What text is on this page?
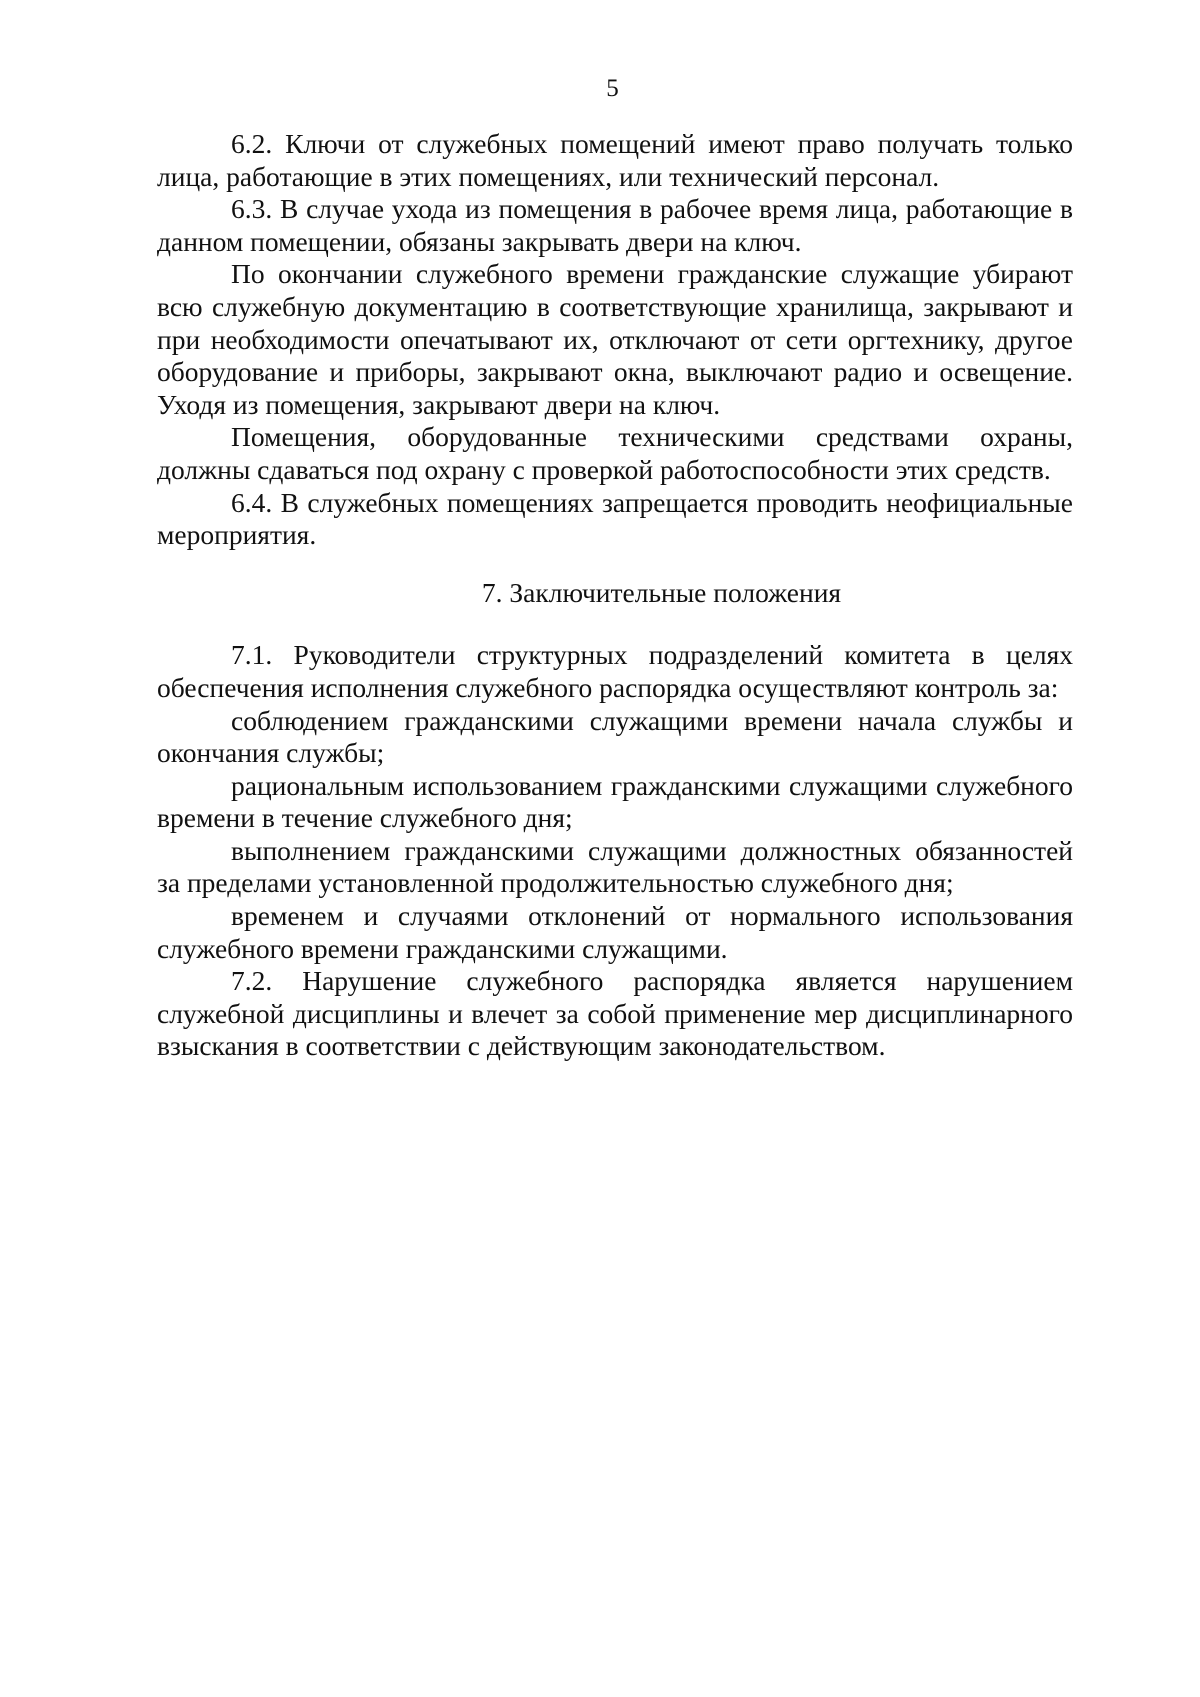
5

6.2. Ключи от служебных помещений имеют право получать только лица, работающие в этих помещениях, или технический персонал.

6.3. В случае ухода из помещения в рабочее время лица, работающие в данном помещении, обязаны закрывать двери на ключ.

По окончании служебного времени гражданские служащие убирают всю служебную документацию в соответствующие хранилища, закрывают и при необходимости опечатывают их, отключают от сети оргтехнику, другое оборудование и приборы, закрывают окна, выключают радио и освещение. Уходя из помещения, закрывают двери на ключ.

Помещения, оборудованные техническими средствами охраны, должны сдаваться под охрану с проверкой работоспособности этих средств.

6.4. В служебных помещениях запрещается проводить неофициальные мероприятия.

7. Заключительные положения

7.1. Руководители структурных подразделений комитета в целях обеспечения исполнения служебного распорядка осуществляют контроль за:

соблюдением гражданскими служащими времени начала службы и окончания службы;

рациональным использованием гражданскими служащими служебного времени в течение служебного дня;

выполнением гражданскими служащими должностных обязанностей за пределами установленной продолжительностью служебного дня;

временем и случаями отклонений от нормального использования служебного времени гражданскими служащими.

7.2. Нарушение служебного распорядка является нарушением служебной дисциплины и влечет за собой применение мер дисциплинарного взыскания в соответствии с действующим законодательством.
